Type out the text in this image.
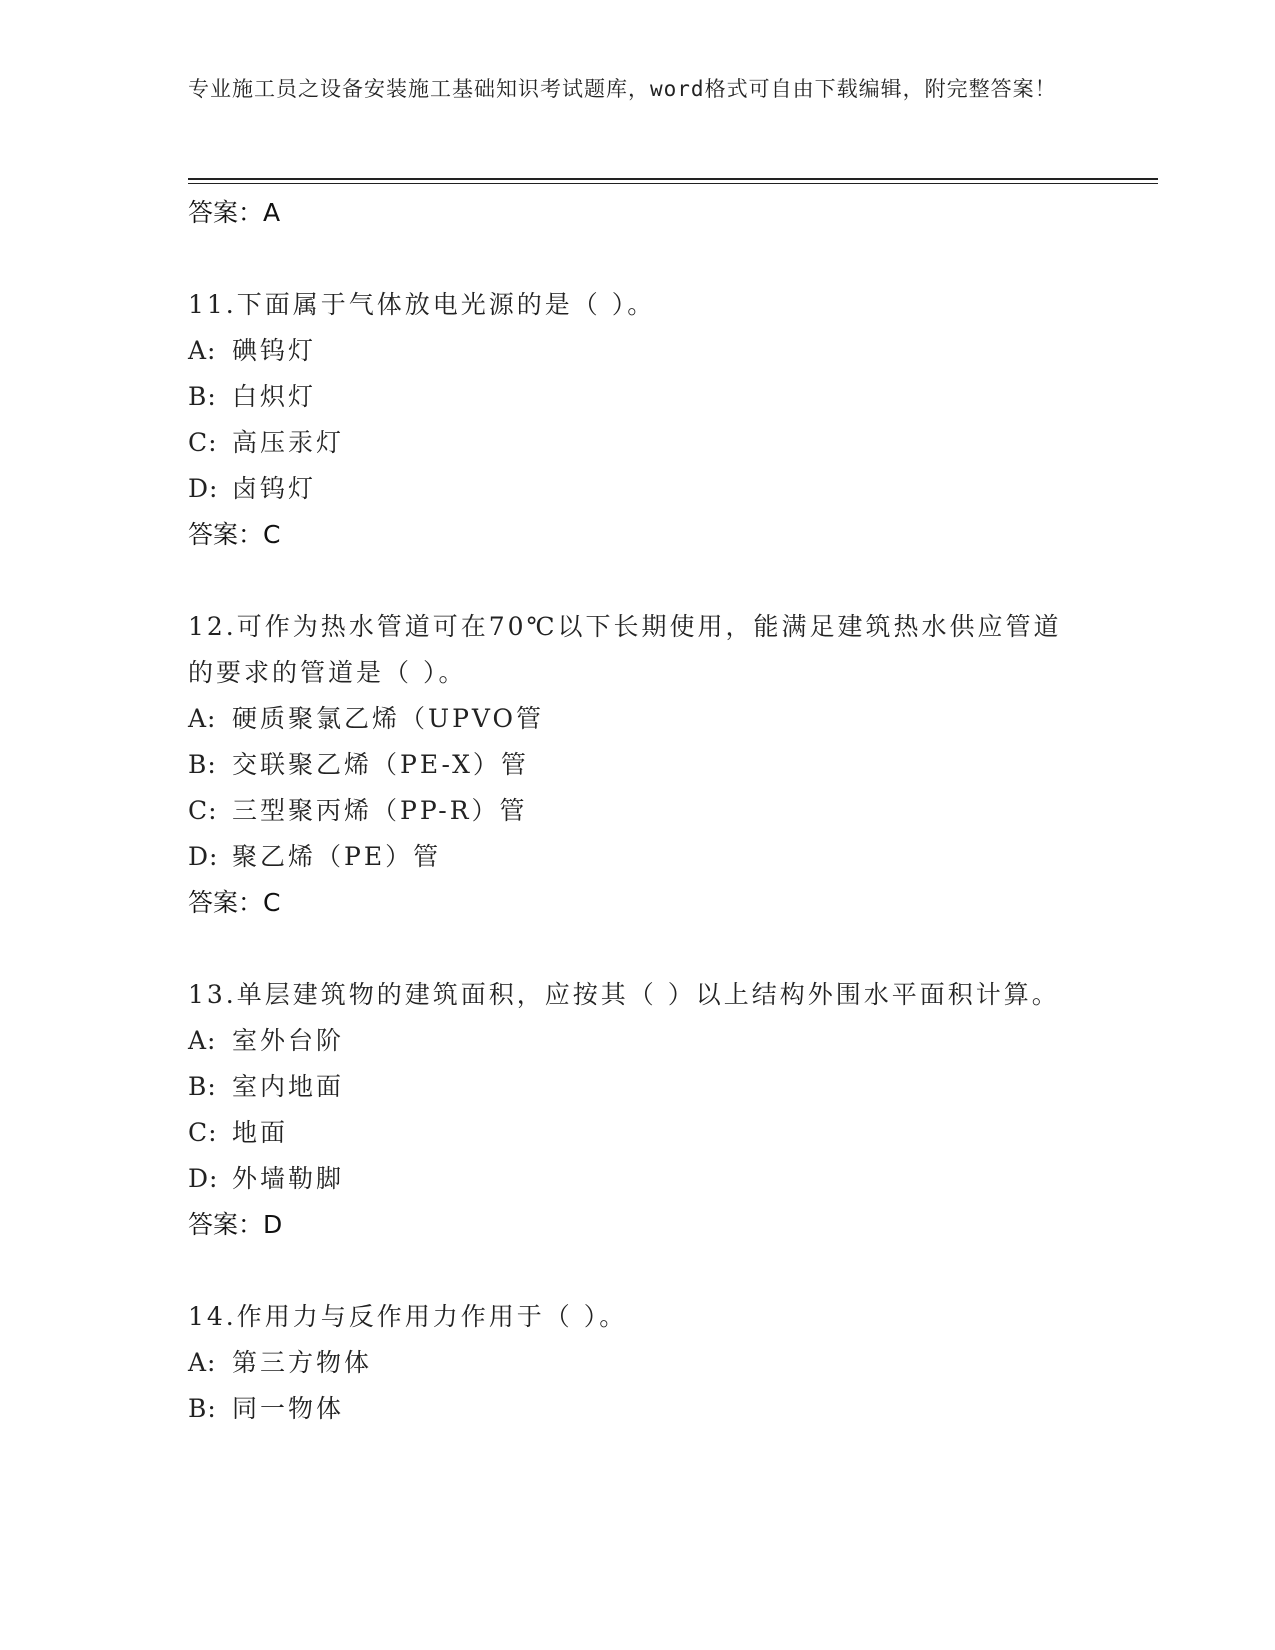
专业施工员之设备安装施工基础知识考试题库，word格式可自由下载编辑，附完整答案！
答案：A
11.下面属于气体放电光源的是（ ）。
A: 碘钨灯
B: 白炽灯
C: 高压汞灯
D: 卤钨灯
答案：C
12.可作为热水管道可在70℃以下长期使用，能满足建筑热水供应管道的要求的管道是（ ）。
A: 硬质聚氯乙烯（UPVO管
B: 交联聚乙烯（PE-X）管
C: 三型聚丙烯（PP-R）管
D: 聚乙烯（PE）管
答案：C
13.单层建筑物的建筑面积，应按其（ ）以上结构外围水平面积计算。
A: 室外台阶
B: 室内地面
C: 地面
D: 外墙勒脚
答案：D
14.作用力与反作用力作用于（ ）。
A: 第三方物体
B: 同一物体
